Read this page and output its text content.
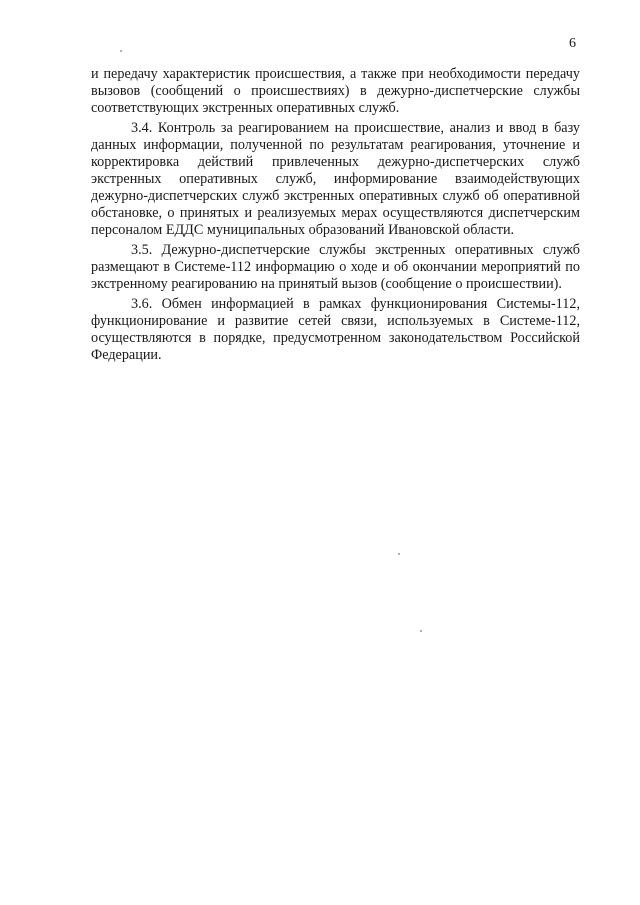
6

и передачу характеристик происшествия, а также при необходимости передачу вызовов (сообщений о происшествиях) в дежурно-диспетчерские службы соответствующих экстренных оперативных служб.

3.4. Контроль за реагированием на происшествие, анализ и ввод в базу данных информации, полученной по результатам реагирования, уточнение и корректировка действий привлеченных дежурно-диспетчерских служб экстренных оперативных служб, информирование взаимодействующих дежурно-диспетчерских служб экстренных оперативных служб об оперативной обстановке, о принятых и реализуемых мерах осуществляются диспетчерским персоналом ЕДДС муниципальных образований Ивановской области.

3.5. Дежурно-диспетчерские службы экстренных оперативных служб размещают в Системе-112 информацию о ходе и об окончании мероприятий по экстренному реагированию на принятый вызов (сообщение о происшествии).

3.6. Обмен информацией в рамках функционирования Системы-112, функционирование и развитие сетей связи, используемых в Системе-112, осуществляются в порядке, предусмотренном законодательством Российской Федерации.
